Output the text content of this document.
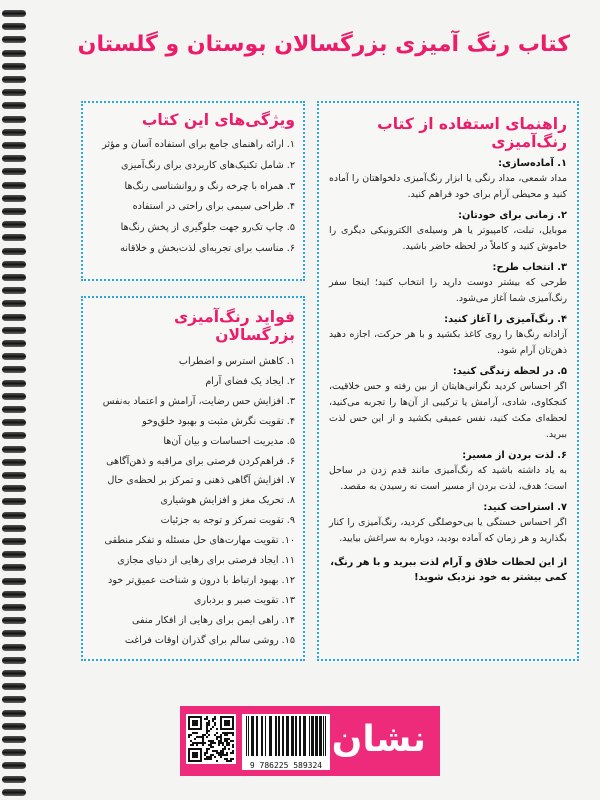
کتاب رنگ آمیزی بزرگسالان بوستان و گلستان
راهنمای استفاده از کتاب رنگ‌آمیزی
۱. آماده‌سازی:

مداد شمعی، مداد رنگی یا ابزار رنگ‌آمیزی دلخواهتان را آماده کنید و محیطی آرام برای خود فراهم کنید.

۲. زمانی برای خودتان:

موبایل، تبلت، کامپیوتر یا هر وسیله‌ی الکترونیکی دیگری را خاموش کنید و کاملاً در لحظه حاضر باشید.

۳. انتخاب طرح:

طرحی که بیشتر دوست دارید را انتخاب کنید؛ اینجا سفر رنگ‌آمیزی شما آغاز می‌شود.

۴. رنگ‌آمیزی را آغاز کنید:

آزادانه رنگ‌ها را روی کاغذ بکشید و با هر حرکت، اجازه دهید ذهن‌تان آرام شود.

۵. در لحظه زندگی کنید:

اگر احساس کردید نگرانی‌هایتان از بین رفته و حس خلاقیت، کنجکاوی، شادی، آرامش یا ترکیبی از آن‌ها را تجربه می‌کنید، لحظه‌ای مکث کنید، نفس عمیقی بکشید و از این حس لذت ببرید.

۶. لذت بردن از مسیر:

به یاد داشته باشید که رنگ‌آمیزی مانند قدم زدن در ساحل است؛ هدف، لذت بردن از مسیر است نه رسیدن به مقصد.

۷. استراحت کنید:

اگر احساس خستگی یا بی‌حوصلگی کردید، رنگ‌آمیزی را کنار بگذارید و هر زمان که آماده بودید، دوباره به سراغش بیایید.

از این لحظات خلاق و آرام لذت ببرید و با هر رنگ، کمی بیشتر به خود نزدیک شوید!
ویژگی‌های این کتاب
۱. ارائه راهنمای جامع برای استفاده آسان و مؤثر
۲. شامل تکنیک‌های کاربردی برای رنگ‌آمیزی
۳. همراه با چرخه رنگ و روانشناسی رنگ‌ها
۴. طراحی سیمی برای راحتی در استفاده
۵. چاپ تک‌رو جهت جلوگیری از پخش رنگ‌ها
۶. مناسب برای تجربه‌ای لذت‌بخش و خلاقانه
فواید رنگ‌آمیزی بزرگسالان
۱. کاهش استرس و اضطراب
۲. ایجاد یک فضای آرام
۳. افزایش حس رضایت، آرامش و اعتماد به‌نفس
۴. تقویت نگرش مثبت و بهبود خلق‌وخو
۵. مدیریت احساسات و بیان آن‌ها
۶. فراهم‌کردن فرصتی برای مراقبه و ذهن‌آگاهی
۷. افزایش آگاهی ذهنی و تمرکز بر لحظه‌ی حال
۸. تحریک مغز و افزایش هوشیاری
۹. تقویت تمرکز و توجه به جزئیات
۱۰. تقویت مهارت‌های حل مسئله و تفکر منطقی
۱۱. ایجاد فرصتی برای رهایی از دنیای مجازی
۱۲. بهبود ارتباط با درون و شناخت عمیق‌تر خود
۱۳. تقویت صبر و بردباری
۱۴. راهی ایمن برای رهایی از افکار منفی
۱۵. روشی سالم برای گذران اوقات فراغت
9 786225 589324
نشان
